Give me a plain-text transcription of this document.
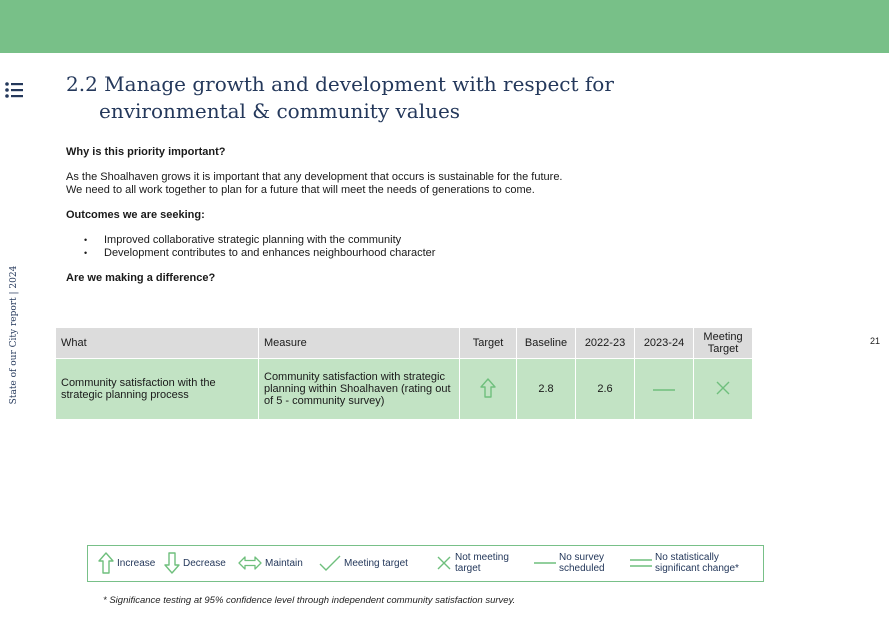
State of our City report | 2024	21
2.2 Manage growth and development with respect for
environmental & community values
Why is this priority important?
As the Shoalhaven grows it is important that any development that occurs is sustainable for the future.
We need to all work together to plan for a future that will meet the needs of generations to come.
Outcomes we are seeking:
• Improved collaborative strategic planning with the community
• Development contributes to and enhances neighbourhood character
Are we making a difference?
What	Measure	Target	Baseline	2022-23	2023-24	Meeting
Target
Community satisfaction with the strategic planning process	Community satisfaction with strategic planning within Shoalhaven (rating out of 5 - community survey)		2.8	2.6		
Increase	Decrease	Maintain	Meeting target	Not meeting
target
No survey
scheduled
No statistically
significant change*
* Significance testing at 95% confidence level through independent community satisfaction survey.
